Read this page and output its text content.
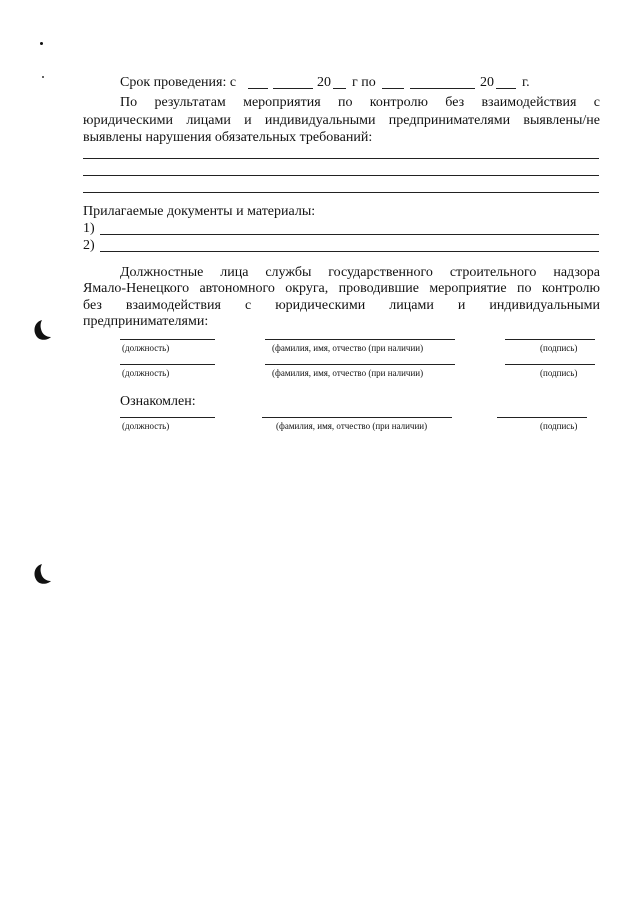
Срок проведения: с	20 г по	20 г.
По результатам мероприятия по контролю без взаимодействия с
юридическими лицами и индивидуальными предпринимателями выявлены/не
выявлены нарушения обязательных требований:
Прилагаемые документы и материалы:
1)
2)
Должностные лица службы государственного строительного надзора
Ямало-Ненецкого автономного округа, проводившие мероприятие по контролю
без взаимодействия с юридическими лицами и индивидуальными
предпринимателями:
(должность)	(фамилия, имя, отчество (при наличии)	(подпись)
(должность)	(фамилия, имя, отчество (при наличии)	(подпись)
Ознакомлен:
(должность)	(фамилия, имя, отчество (при наличии)	(подпись)
